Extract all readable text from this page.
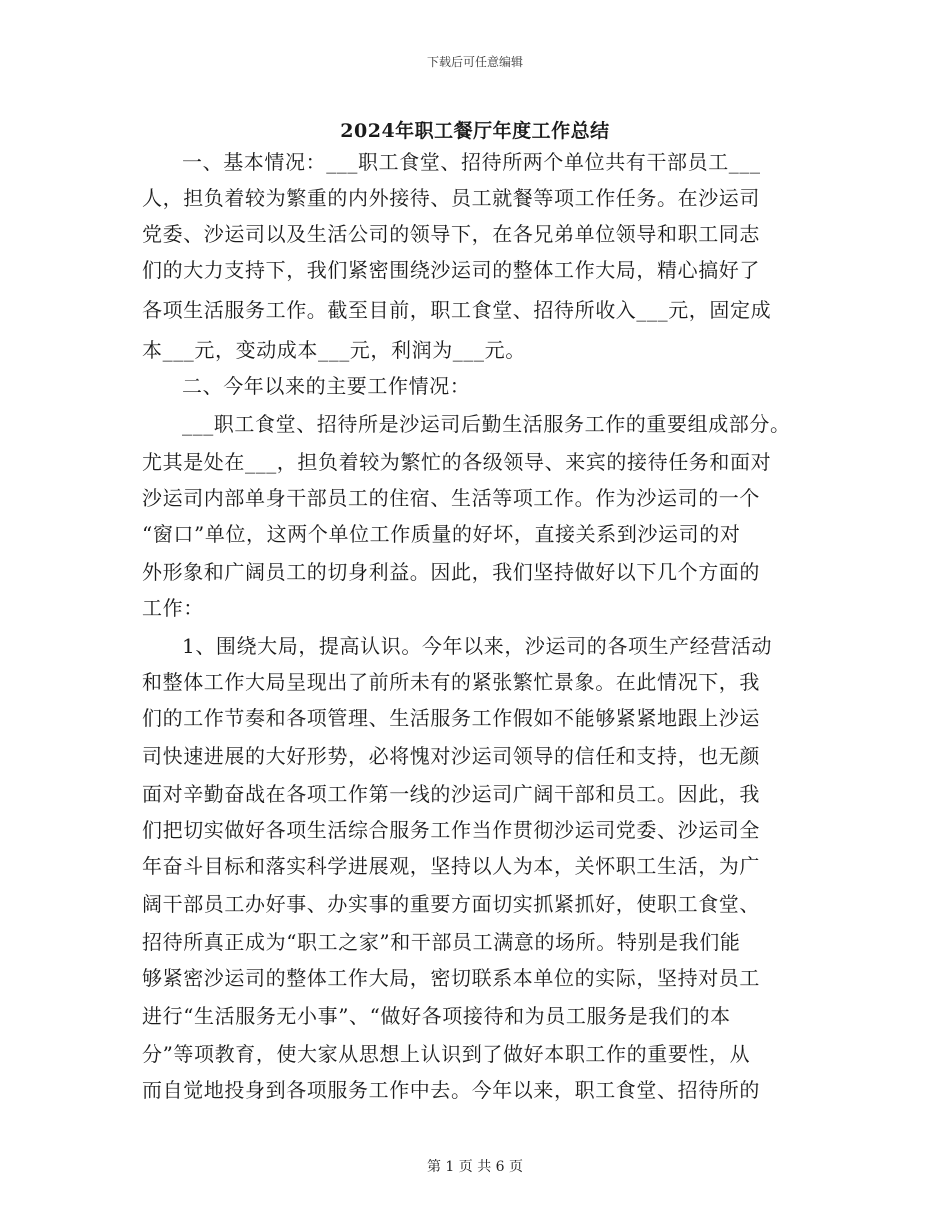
下载后可任意编辑
2024年职工餐厅年度工作总结
一、基本情况：___职工食堂、招待所两个单位共有干部员工___
人，担负着较为繁重的内外接待、员工就餐等项工作任务。在沙运司
党委、沙运司以及生活公司的领导下，在各兄弟单位领导和职工同志
们的大力支持下，我们紧密围绕沙运司的整体工作大局，精心搞好了
各项生活服务工作。截至目前，职工食堂、招待所收入___元，固定成
本___元，变动成本___元，利润为___元。
二、今年以来的主要工作情况：
___职工食堂、招待所是沙运司后勤生活服务工作的重要组成部分。
尤其是处在___，担负着较为繁忙的各级领导、来宾的接待任务和面对
沙运司内部单身干部员工的住宿、生活等项工作。作为沙运司的一个
“窗口”单位，这两个单位工作质量的好坏，直接关系到沙运司的对
外形象和广阔员工的切身利益。因此，我们坚持做好以下几个方面的
工作：
1、围绕大局，提高认识。今年以来，沙运司的各项生产经营活动
和整体工作大局呈现出了前所未有的紧张繁忙景象。在此情况下，我
们的工作节奏和各项管理、生活服务工作假如不能够紧紧地跟上沙运
司快速进展的大好形势，必将愧对沙运司领导的信任和支持，也无颜
面对辛勤奋战在各项工作第一线的沙运司广阔干部和员工。因此，我
们把切实做好各项生活综合服务工作当作贯彻沙运司党委、沙运司全
年奋斗目标和落实科学进展观，坚持以人为本，关怀职工生活，为广
阔干部员工办好事、办实事的重要方面切实抓紧抓好，使职工食堂、
招待所真正成为“职工之家”和干部员工满意的场所。特别是我们能
够紧密沙运司的整体工作大局，密切联系本单位的实际，坚持对员工
进行“生活服务无小事”、“做好各项接待和为员工服务是我们的本
分”等项教育，使大家从思想上认识到了做好本职工作的重要性，从
而自觉地投身到各项服务工作中去。今年以来，职工食堂、招待所的
第 1 页 共 6 页
